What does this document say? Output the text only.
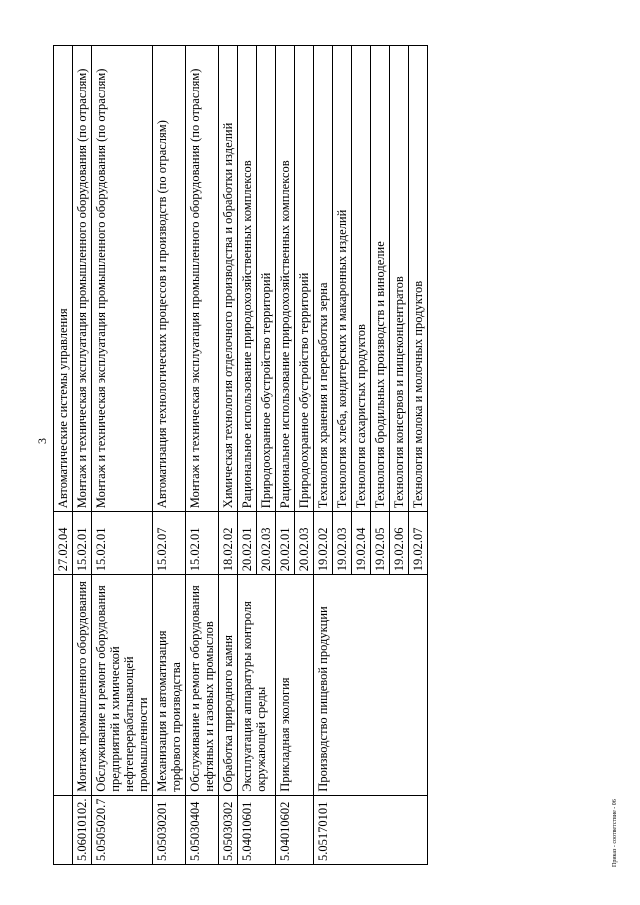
3
		27.02.04	Автоматические системы управления
5.06010102.	Монтаж промышленного оборудования	15.02.01	Монтаж и техническая эксплуатация промышленного оборудования (по отраслям)
5.0505020.7	Обслуживание и ремонт оборудования предприятий и химической нефтеперерабатывающей промышленности	15.02.01	Монтаж и техническая эксплуатация промышленного оборудования (по отраслям)
5.05030201	Механизация и автоматизация торфового производства	15.02.07	Автоматизация технологических процессов и производств (по отраслям)
5.05030404	Обслуживание и ремонт оборудования нефтяных и газовых промыслов	15.02.01	Монтаж и техническая эксплуатация промышленного оборудования (по отраслям)
5.05030302	Обработка природного камня	18.02.02	Химическая технология отделочного производства и обработки изделий
5.04010601	Эксплуатация аппаратуры контроля окружающей среды	20.02.01	Рациональное использование природохозяйственных комплексов
		20.02.03	Природоохранное обустройство территорий
5.04010602	Прикладная экология	20.02.01	Рациональное использование природохозяйственных комплексов
		20.02.03	Природоохранное обустройство территорий
5.05170101	Производство пищевой продукции	19.02.02	Технология хранения и переработки зерна
		19.02.03	Технология хлеба, кондитерских и макаронных изделий
		19.02.04	Технология сахаристых продуктов
		19.02.05	Технология бродильных производств и виноделие
		19.02.06	Технология консервов и пищеконцентратов
		19.02.07	Технология молока и молочных продуктов
Приказ - соответствие - 06
